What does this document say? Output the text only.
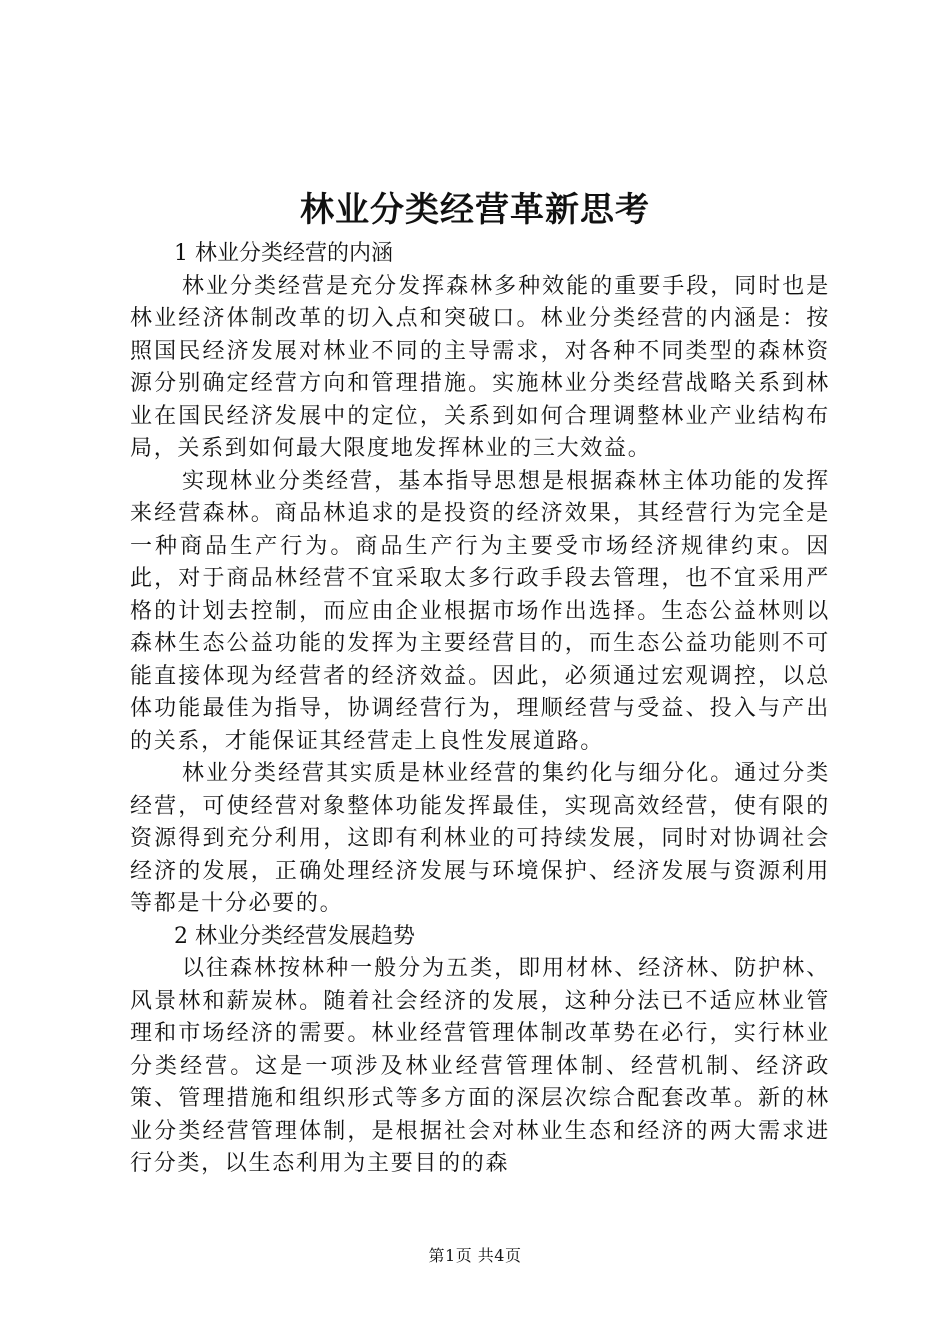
林业分类经营革新思考

1 林业分类经营的内涵

林业分类经营是充分发挥森林多种效能的重要手段，同时也是林业经济体制改革的切入点和突破口。林业分类经营的内涵是：按照国民经济发展对林业不同的主导需求，对各种不同类型的森林资源分别确定经营方向和管理措施。实施林业分类经营战略关系到林业在国民经济发展中的定位，关系到如何合理调整林业产业结构布局，关系到如何最大限度地发挥林业的三大效益。

实现林业分类经营，基本指导思想是根据森林主体功能的发挥来经营森林。商品林追求的是投资的经济效果，其经营行为完全是一种商品生产行为。商品生产行为主要受市场经济规律约束。因此，对于商品林经营不宜采取太多行政手段去管理，也不宜采用严格的计划去控制，而应由企业根据市场作出选择。生态公益林则以森林生态公益功能的发挥为主要经营目的，而生态公益功能则不可能直接体现为经营者的经济效益。因此，必须通过宏观调控，以总体功能最佳为指导，协调经营行为，理顺经营与受益、投入与产出的关系，才能保证其经营走上良性发展道路。

林业分类经营其实质是林业经营的集约化与细分化。通过分类经营，可使经营对象整体功能发挥最佳，实现高效经营，使有限的资源得到充分利用，这即有利林业的可持续发展，同时对协调社会经济的发展，正确处理经济发展与环境保护、经济发展与资源利用等都是十分必要的。

2 林业分类经营发展趋势

以往森林按林种一般分为五类，即用材林、经济林、防护林、风景林和薪炭林。随着社会经济的发展，这种分法已不适应林业管理和市场经济的需要。林业经营管理体制改革势在必行，实行林业分类经营。这是一项涉及林业经营管理体制、经营机制、经济政策、管理措施和组织形式等多方面的深层次综合配套改革。新的林业分类经营管理体制，是根据社会对林业生态和经济的两大需求进行分类，以生态利用为主要目的的森

第1页 共4页
